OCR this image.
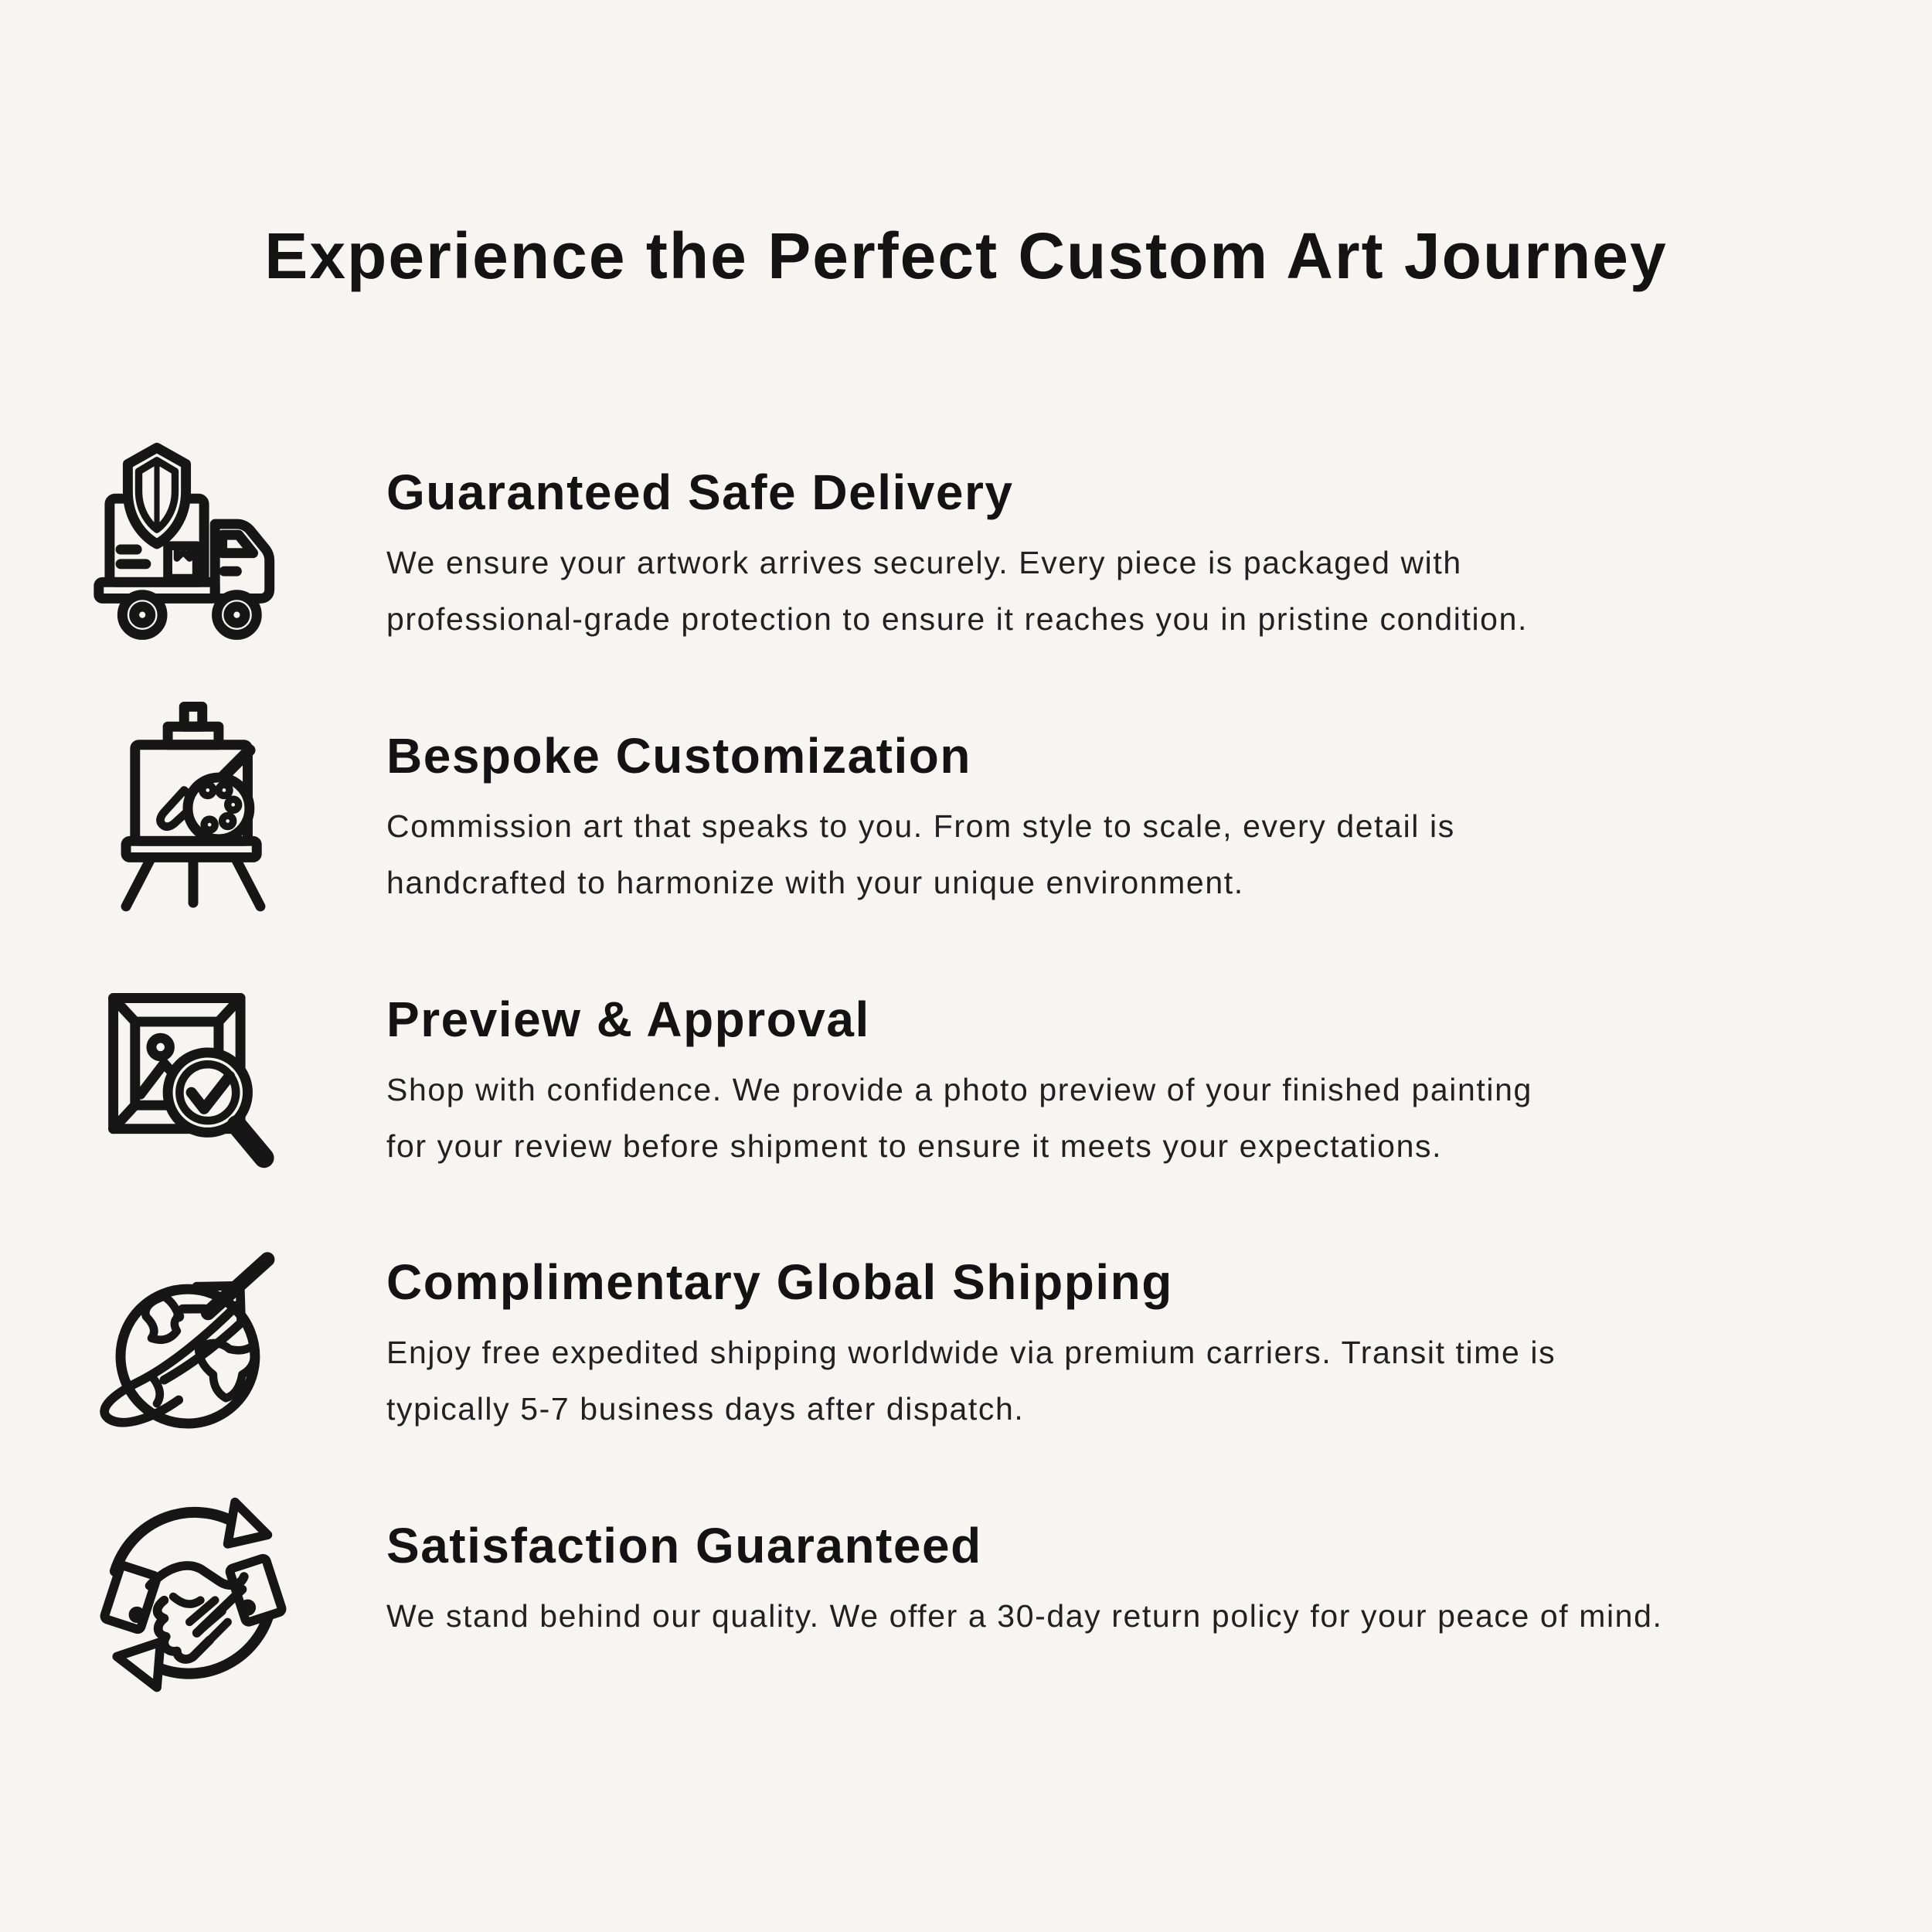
Experience the Perfect Custom Art Journey
Guaranteed Safe Delivery

We ensure your artwork arrives securely. Every piece is packaged with
professional-grade protection to ensure it reaches you in pristine condition.

Bespoke Customization

Commission art that speaks to you. From style to scale, every detail is
handcrafted to harmonize with your unique environment.

Preview & Approval

Shop with confidence. We provide a photo preview of your finished painting
for your review before shipment to ensure it meets your expectations.

Complimentary Global Shipping

Enjoy free expedited shipping worldwide via premium carriers. Transit time is
typically 5-7 business days after dispatch.

Satisfaction Guaranteed

We stand behind our quality. We offer a 30-day return policy for your peace of mind.
